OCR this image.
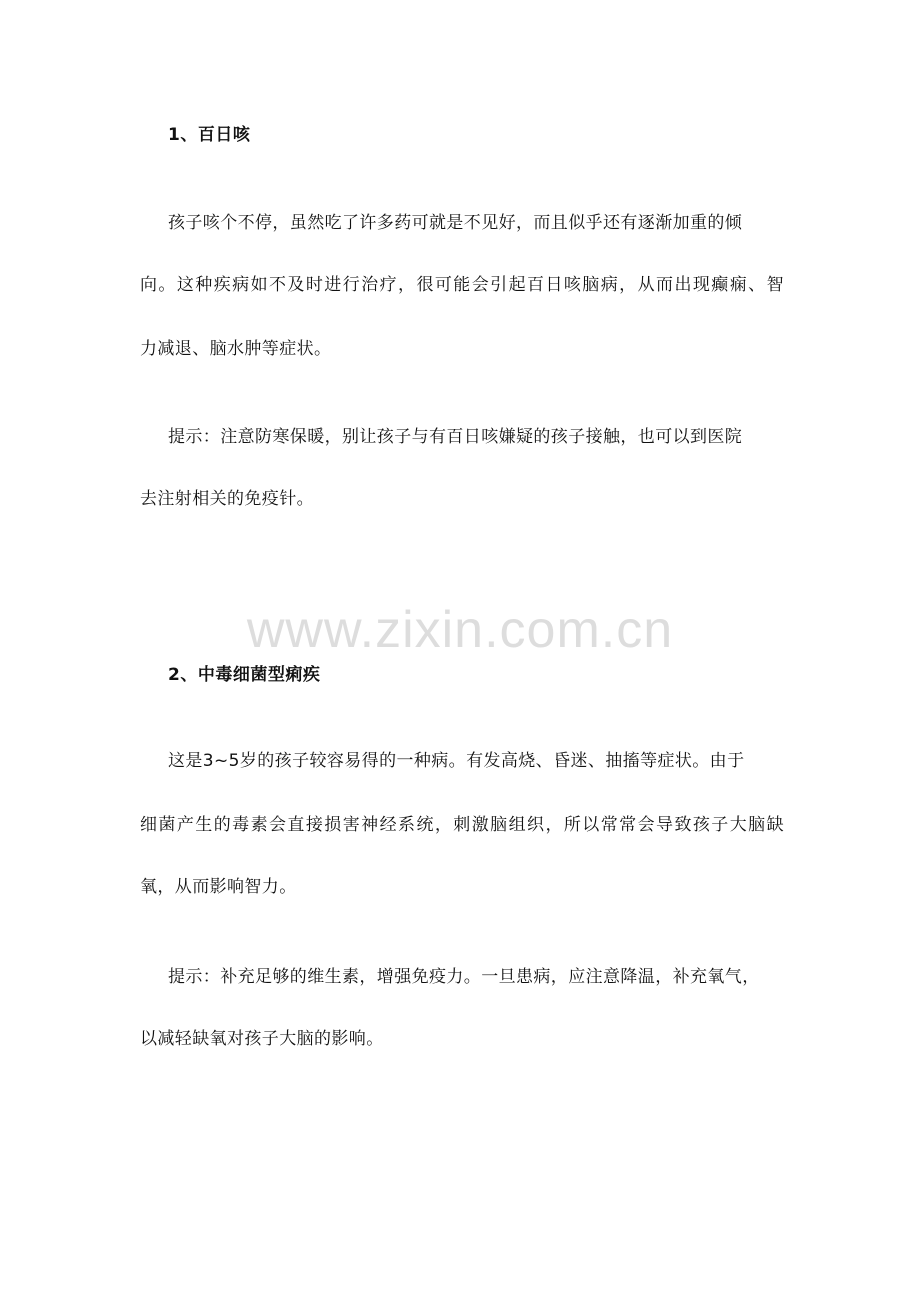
1、百日咳

孩子咳个不停，虽然吃了许多药可就是不见好，而且似乎还有逐渐加重的倾

向。这种疾病如不及时进行治疗，很可能会引起百日咳脑病，从而出现癫痫、智

力减退、脑水肿等症状。

提示：注意防寒保暖，别让孩子与有百日咳嫌疑的孩子接触，也可以到医院

去注射相关的免疫针。

www.zixin.com.cn
2、中毒细菌型痢疾

这是3~5岁的孩子较容易得的一种病。有发高烧、昏迷、抽搐等症状。由于

细菌产生的毒素会直接损害神经系统，刺激脑组织，所以常常会导致孩子大脑缺

氧，从而影响智力。

提示：补充足够的维生素，增强免疫力。一旦患病，应注意降温，补充氧气，

以减轻缺氧对孩子大脑的影响。
